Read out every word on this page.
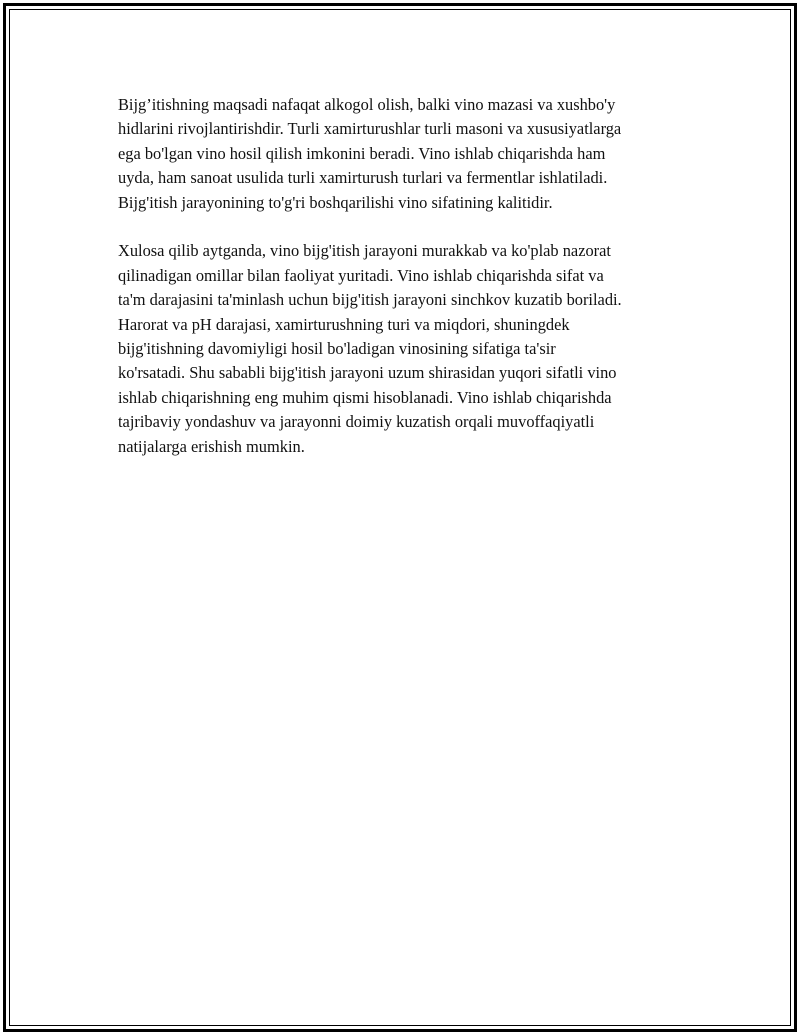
Bijg’itishning maqsadi nafaqat alkogol olish, balki vino mazasi va xushbo'y
hidlarini rivojlantirishdir. Turli xamirturushlar turli masoni va xususiyatlarga
ega bo'lgan vino hosil qilish imkonini beradi. Vino ishlab chiqarishda ham
uyda, ham sanoat usulida turli xamirturush turlari va fermentlar ishlatiladi.
Bijg'itish jarayonining to'g'ri boshqarilishi vino sifatining kalitidir.

Xulosa qilib aytganda, vino bijg'itish jarayoni murakkab va ko'plab nazorat
qilinadigan omillar bilan faoliyat yuritadi. Vino ishlab chiqarishda sifat va
ta'm darajasini ta'minlash uchun bijg'itish jarayoni sinchkov kuzatib boriladi.
Harorat va pH darajasi, xamirturushning turi va miqdori, shuningdek
bijg'itishning davomiyligi hosil bo'ladigan vinosining sifatiga ta'sir
ko'rsatadi. Shu sababli bijg'itish jarayoni uzum shirasidan yuqori sifatli vino
ishlab chiqarishning eng muhim qismi hisoblanadi. Vino ishlab chiqarishda
tajribaviy yondashuv va jarayonni doimiy kuzatish orqali muvoffaqiyatli
natijalarga erishish mumkin.
